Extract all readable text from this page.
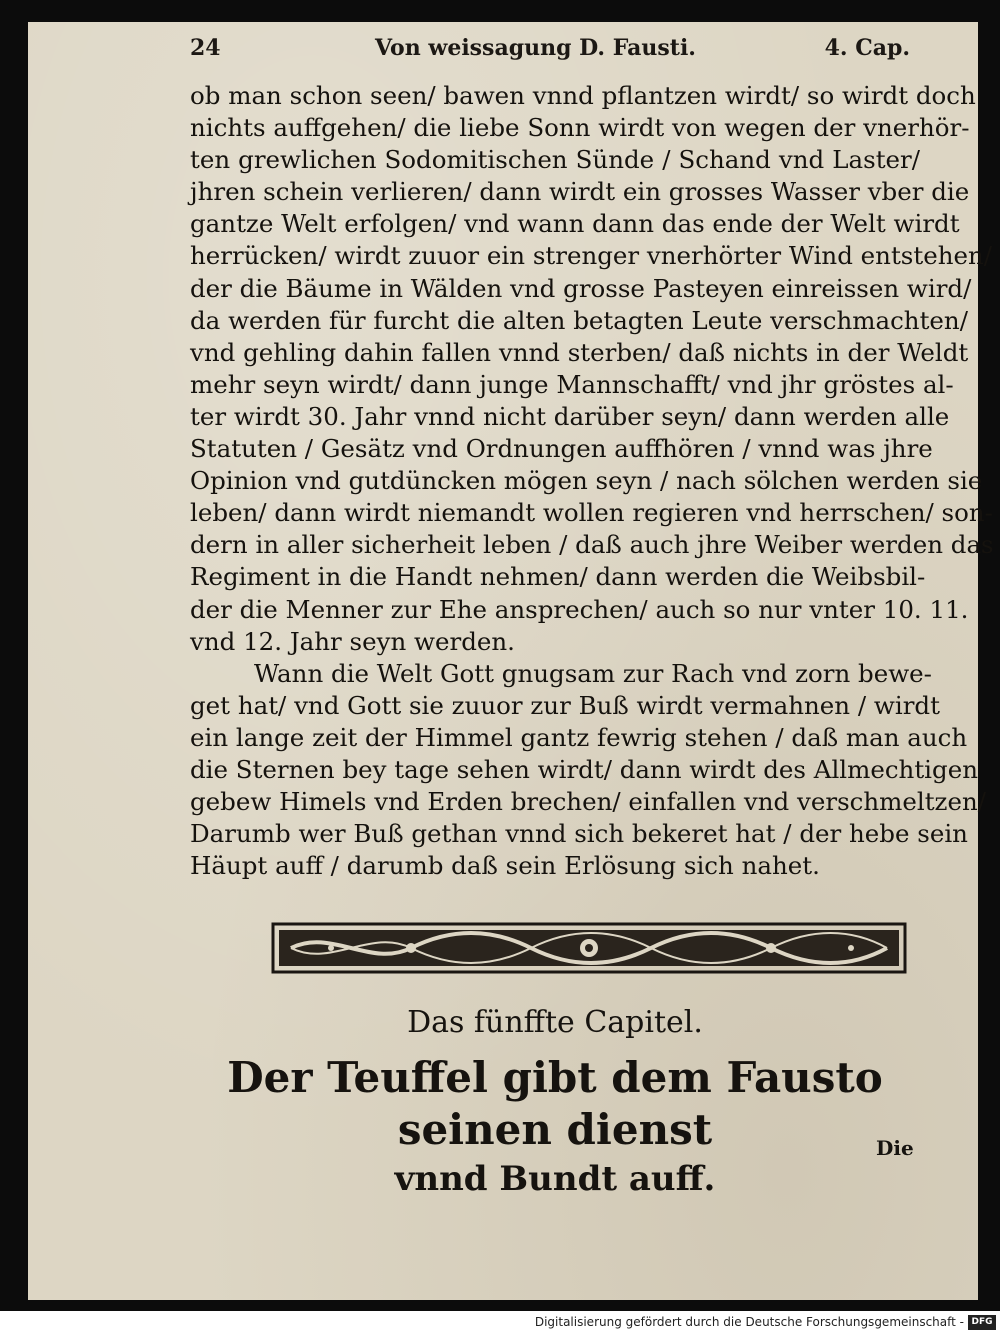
24	Von weissagung D. Fausti.	4. Cap.
ob man schon seen/ bawen vnnd pflantzen wirdt/ so wirdt doch
nichts auffgehen/ die liebe Sonn wirdt von wegen der vnerhör-
ten grewlichen Sodomitischen Sünde / Schand vnd Laster/
jhren schein verlieren/ dann wirdt ein grosses Wasser vber die
gantze Welt erfolgen/ vnd wann dann das ende der Welt wirdt
herrücken/ wirdt zuuor ein strenger vnerhörter Wind entstehen/
der die Bäume in Wälden vnd grosse Pasteyen einreissen wird/
da werden für furcht die alten betagten Leute verschmachten/
vnd gehling dahin fallen vnnd sterben/ daß nichts in der Weldt
mehr seyn wirdt/ dann junge Mannschafft/ vnd jhr gröstes al-
ter wirdt 30. Jahr vnnd nicht darüber seyn/ dann werden alle
Statuten / Gesätz vnd Ordnungen auffhören / vnnd was jhre
Opinion vnd gutdüncken mögen seyn / nach sölchen werden sie
leben/ dann wirdt niemandt wollen regieren vnd herrschen/ son-
dern in aller sicherheit leben / daß auch jhre Weiber werden das
Regiment in die Handt nehmen/ dann werden die Weibsbil-
der die Menner zur Ehe ansprechen/ auch so nur vnter 10. 11.
vnd 12. Jahr seyn werden.
Wann die Welt Gott gnugsam zur Rach vnd zorn bewe-
get hat/ vnd Gott sie zuuor zur Buß wirdt vermahnen / wirdt
ein lange zeit der Himmel gantz fewrig stehen / daß man auch
die Sternen bey tage sehen wirdt/ dann wirdt des Allmechtigen
gebew Himels vnd Erden brechen/ einfallen vnd verschmeltzen/
Darumb wer Buß gethan vnnd sich bekeret hat / der hebe sein
Häupt auff / darumb daß sein Erlösung sich nahet.
Das fünffte Capitel.
Der Teuffel gibt dem Fausto seinen dienst
vnnd Bundt auff.
Die
Digitalisierung gefördert durch die Deutsche Forschungsgemeinschaft - DFG
